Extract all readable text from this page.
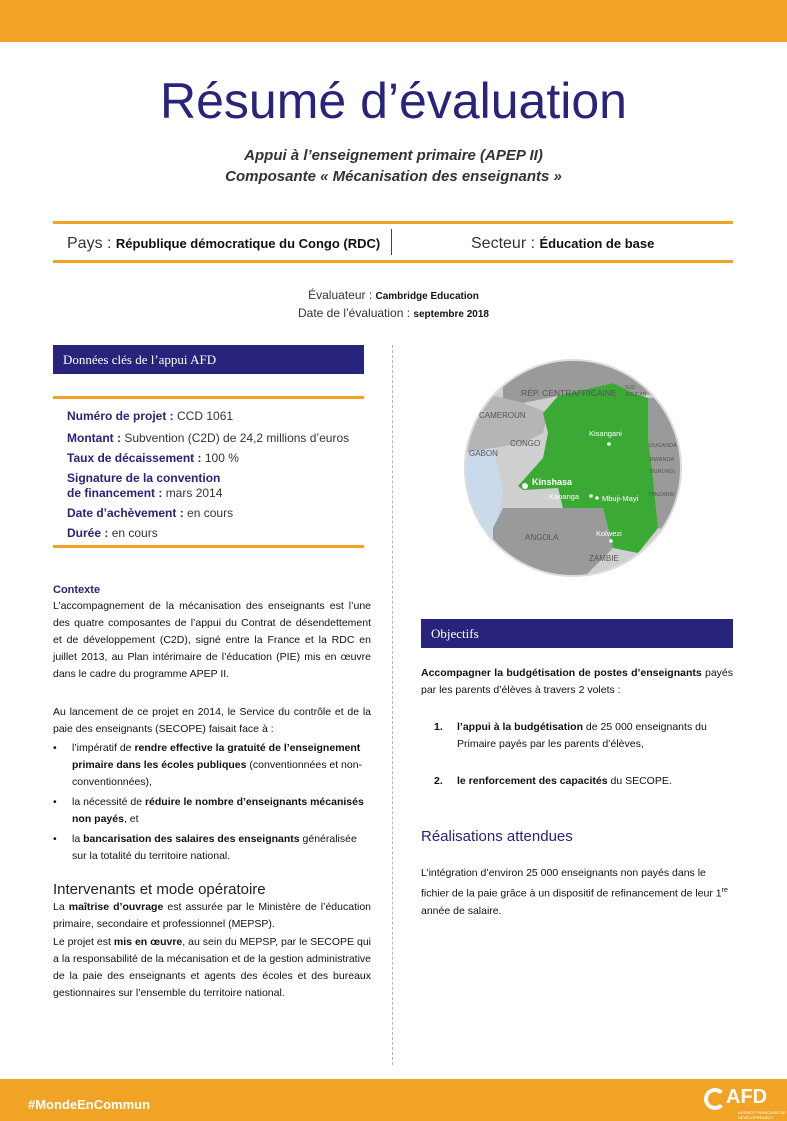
Résumé d’évaluation
Appui à l’enseignement primaire (APEP II)
Composante « Mécanisation des enseignants »
Pays : République démocratique du Congo (RDC)	Secteur : Éducation de base
Évaluateur : Cambridge Education
Date de l’évaluation : septembre 2018
Données clés de l’appui AFD
Numéro de projet : CCD 1061
Montant : Subvention (C2D) de 24,2 millions d’euros
Taux de décaissement : 100 %
Signature de la convention
de financement : mars 2014
Date d’achèvement : en cours
Durée : en cours
Contexte
L’accompagnement de la mécanisation des enseignants est l’une des quatre composantes de l’appui du Contrat de désendettement et de développement (C2D), signé entre la France et la RDC en juillet 2013, au Plan intérimaire de l’éducation (PIE) mis en œuvre dans le cadre du programme APEP II.
Au lancement de ce projet en 2014, le Service du contrôle et de la paie des enseignants (SECOPE) faisait face à :
• l’impératif de rendre effective la gratuité de l’enseignement primaire dans les écoles publiques (conventionnées et non-conventionnées),
• la nécessité de réduire le nombre d’enseignants mécanisés non payés, et
• la bancarisation des salaires des enseignants généralisée sur la totalité du territoire national.
Intervenants et mode opératoire
La maîtrise d’ouvrage est assurée par le Ministère de l’éducation primaire, secondaire et professionnel (MEPSP).
Le projet est mis en œuvre, au sein du MEPSP, par le SECOPE qui a la responsabilité de la mécanisation et de la gestion administrative de la paie des enseignants et agents des écoles et des bureaux gestionnaires sur l’ensemble du territoire national.
RÉP. CENTRAFRICAINE SUD
SOUDAN
CAMEROUN
CONGO
GABON
OUGANDA
RWANDA
BURUNDI
TANZANIE
ANGOLA
ZAMBIE
Kinshasa
Kisangani
Kananga	Mbuji-Mayi
Kolwezi
Objectifs
Accompagner la budgétisation de postes d’enseignants payés par les parents d’élèves à travers 2 volets :
1. l’appui à la budgétisation de 25 000 enseignants du Primaire payés par les parents d’élèves,
2. le renforcement des capacités du SECOPE.
Réalisations attendues
L’intégration d’environ 25 000 enseignants non payés dans le fichier de la paie grâce à un dispositif de refinancement de leur 1re année de salaire.
#MondeEnCommun	AFD
AGENCE FRANÇAISE DE DÉVELOPPEMENT
